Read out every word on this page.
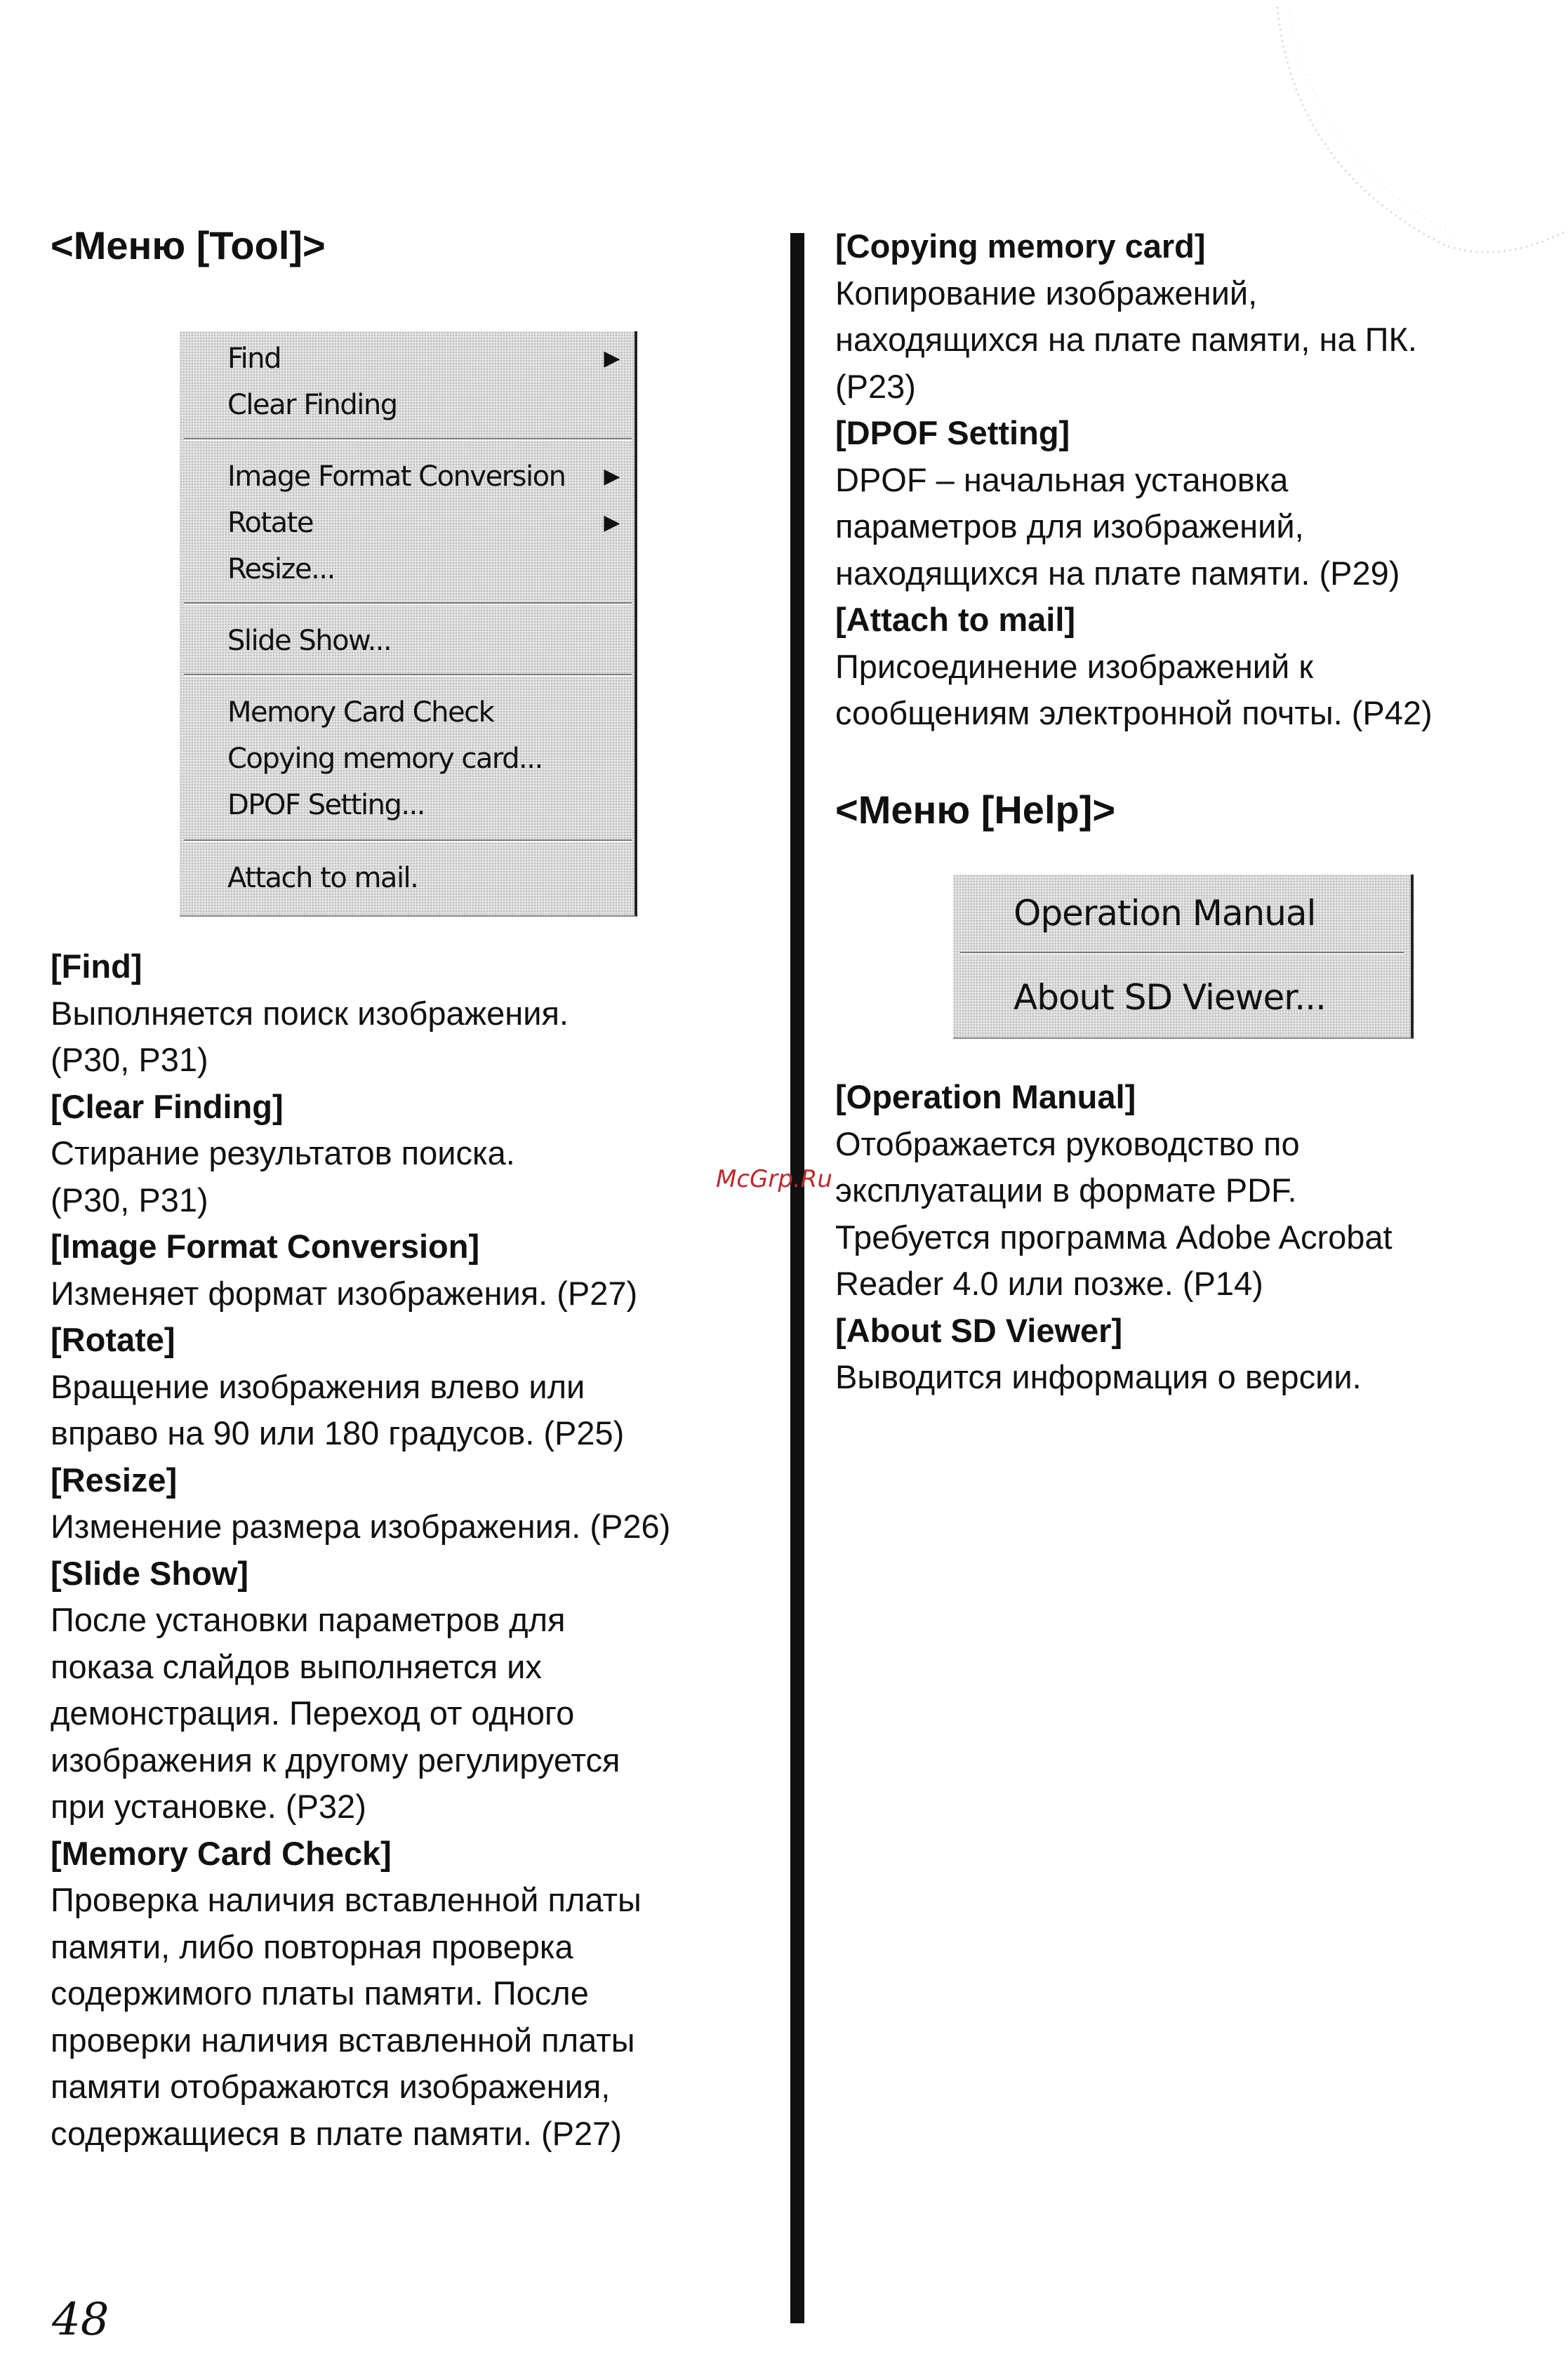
<Меню [Tool]>
Find	▶
Clear Finding
Image Format Conversion ▶
Rotate	▶
Resize...
Slide Show...
Memory Card Check
Copying memory card...
DPOF Setting...
Attach to mail.
[Find]
Выполняется поиск изображения.
(P30, P31)
[Clear Finding]
Стирание результатов поиска.
(P30, P31)
[Image Format Conversion]
Изменяет формат изображения. (P27)
[Rotate]
Вращение изображения влево или
вправо на 90 или 180 градусов. (P25)
[Resize]
Изменение размера изображения. (P26)
[Slide Show]
После установки параметров для
показа слайдов выполняется их
демонстрация. Переход от одного
изображения к другому регулируется
при установке. (P32)
[Memory Card Check]
Проверка наличия вставленной платы
памяти, либо повторная проверка
содержимого платы памяти. После
проверки наличия вставленной платы
памяти отображаются изображения,
содержащиеся в плате памяти. (P27)
[Copying memory card]
Копирование изображений,
находящихся на плате памяти, на ПК.
(P23)
[DPOF Setting]
DPOF – начальная установка
параметров для изображений,
находящихся на плате памяти. (P29)
[Attach to mail]
Присоединение изображений к
сообщениям электронной почты. (P42)
<Меню [Help]>
Operation Manual
About SD Viewer...
[Operation Manual]
Отображается руководство по
эксплуатации в формате PDF.
Требуется программа Adobe Acrobat
Reader 4.0 или позже. (P14)
[About SD Viewer]
Выводится информация о версии.
McGrp.Ru
48
